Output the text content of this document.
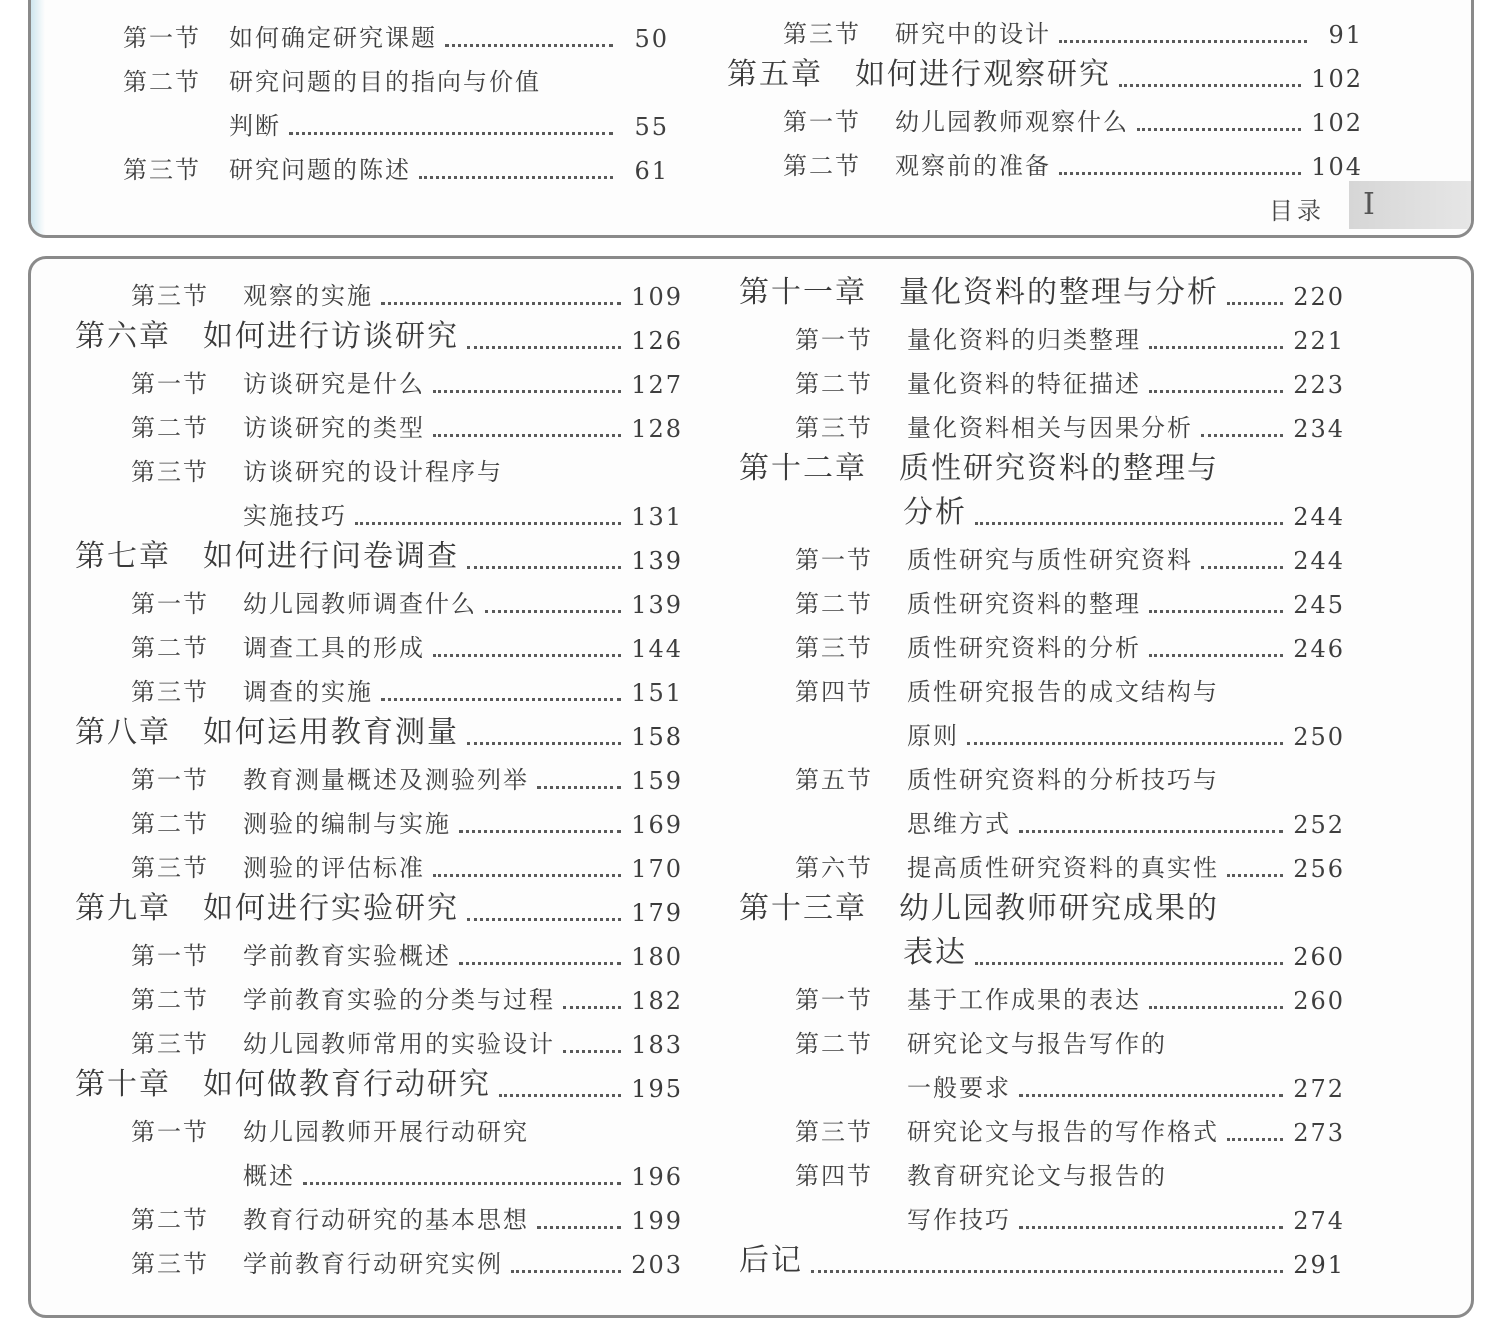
第一节 如何确定研究课题	50
第二节 研究问题的目的指向与价值
判断	55
第三节 研究问题的陈述	61
第三节 研究中的设计	91
第五章　如何进行观察研究	102
第一节 幼儿园教师观察什么	102
第二节 观察前的准备	104
目录	I
第三节 观察的实施	109
第六章　如何进行访谈研究	126
第一节 访谈研究是什么	127
第二节 访谈研究的类型	128
第三节 访谈研究的设计程序与
实施技巧	131
第七章　如何进行问卷调查	139
第一节 幼儿园教师调查什么	139
第二节 调查工具的形成	144
第三节 调查的实施	151
第八章　如何运用教育测量	158
第一节 教育测量概述及测验列举	159
第二节 测验的编制与实施	169
第三节 测验的评估标准	170
第九章　如何进行实验研究	179
第一节 学前教育实验概述	180
第二节 学前教育实验的分类与过程	182
第三节 幼儿园教师常用的实验设计	183
第十章　如何做教育行动研究	195
第一节 幼儿园教师开展行动研究
概述	196
第二节 教育行动研究的基本思想	199
第三节 学前教育行动研究实例	203
第十一章　量化资料的整理与分析	220
第一节 量化资料的归类整理	221
第二节 量化资料的特征描述	223
第三节 量化资料相关与因果分析	234
第十二章　质性研究资料的整理与
分析	244
第一节 质性研究与质性研究资料	244
第二节 质性研究资料的整理	245
第三节 质性研究资料的分析	246
第四节 质性研究报告的成文结构与
原则	250
第五节 质性研究资料的分析技巧与
思维方式	252
第六节 提高质性研究资料的真实性	256
第十三章　幼儿园教师研究成果的
表达	260
第一节 基于工作成果的表达	260
第二节 研究论文与报告写作的
一般要求	272
第三节 研究论文与报告的写作格式	273
第四节 教育研究论文与报告的
写作技巧	274
后记	291
